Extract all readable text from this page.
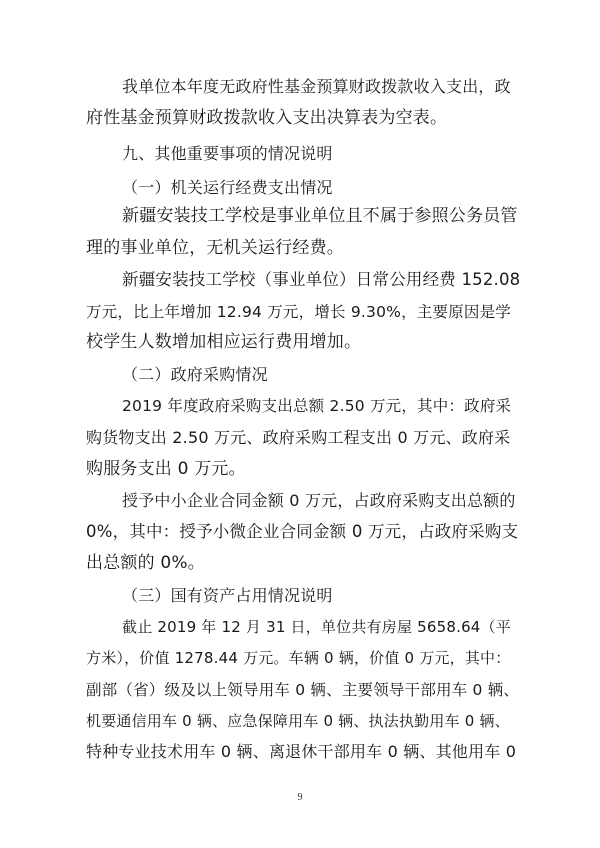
我单位本年度无政府性基金预算财政拨款收入支出，政
府性基金预算财政拨款收入支出决算表为空表。
九、其他重要事项的情况说明
（一）机关运行经费支出情况
新疆安装技工学校是事业单位且不属于参照公务员管
理的事业单位，无机关运行经费。
新疆安装技工学校（事业单位）日常公用经费 152.08
万元，比上年增加 12.94 万元，增长 9.30%，主要原因是学
校学生人数增加相应运行费用增加。
（二）政府采购情况
2019 年度政府采购支出总额 2.50 万元，其中：政府采
购货物支出 2.50 万元、政府采购工程支出 0 万元、政府采
购服务支出 0 万元。
授予中小企业合同金额 0 万元，占政府采购支出总额的
0%，其中：授予小微企业合同金额 0 万元，占政府采购支
出总额的 0%。
（三）国有资产占用情况说明
截止 2019 年 12 月 31 日，单位共有房屋 5658.64（平
方米），价值 1278.44 万元。车辆 0 辆，价值 0 万元，其中：
副部（省）级及以上领导用车 0 辆、主要领导干部用车 0 辆、
机要通信用车 0 辆、应急保障用车 0 辆、执法执勤用车 0 辆、
特种专业技术用车 0 辆、离退休干部用车 0 辆、其他用车 0
9
